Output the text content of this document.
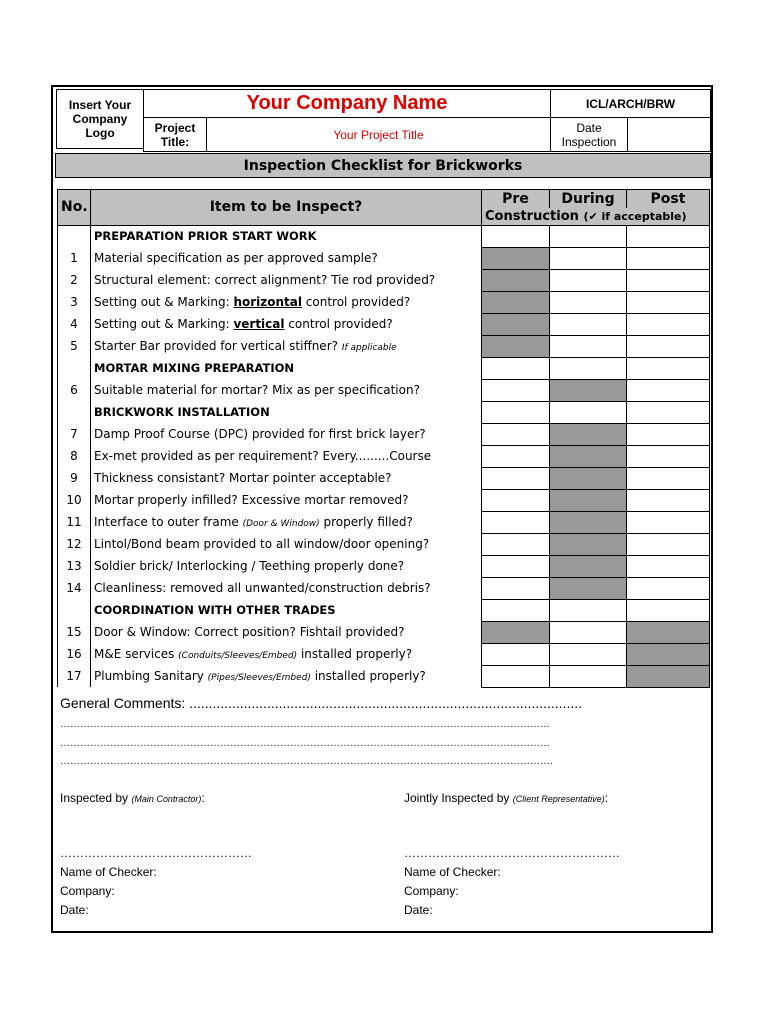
Insert Your Company Logo
Your Company Name	ICL/ARCH/BRW
Project Title:	Your Project Title	Date Inspection
Inspection Checklist for Brickworks
No.	Item to be Inspect?	Pre	During	Post
		Construction (✔ if acceptable)		
	PREPARATION PRIOR START WORK			
1	Material specification as per approved sample?			
2	Structural element: correct alignment? Tie rod provided?			
3	Setting out & Marking: horizontal control provided?			
4	Setting out & Marking: vertical control provided?			
5	Starter Bar provided for vertical stiffner? If applicable			
	MORTAR MIXING PREPARATION			
6	Suitable material for mortar? Mix as per specification?			
	BRICKWORK INSTALLATION			
7	Damp Proof Course (DPC) provided for first brick layer?			
8	Ex-met provided as per requirement? Every.........Course			
9	Thickness consistant? Mortar pointer acceptable?			
10	Mortar properly infilled? Excessive mortar removed?			
11	Interface to outer frame (Door & Window) properly filled?			
12	Lintol/Bond beam provided to all window/door opening?			
13	Soldier brick/ Interlocking / Teething properly done?			
14	Cleanliness: removed all unwanted/construction debris?			
	COORDINATION WITH OTHER TRADES			
15	Door & Window: Correct position? Fishtail provided?			
16	M&E services (Conduits/Sleeves/Embed) installed properly?			
17	Plumbing Sanitary (Pipes/Sleeves/Embed) installed properly?			
General Comments: .....................................................................................................
…………………………………………………………………………………………………………………………………
…………………………………………………………………………………………………………………………………
………………………………………………………………………………………………………………………………….
Inspected by (Main Contractor):	Jointly Inspected by (Client Representative):
…………………………………………
Name of Checker:
Company:
Date:
………………………………………………
Name of Checker:
Company:
Date:
